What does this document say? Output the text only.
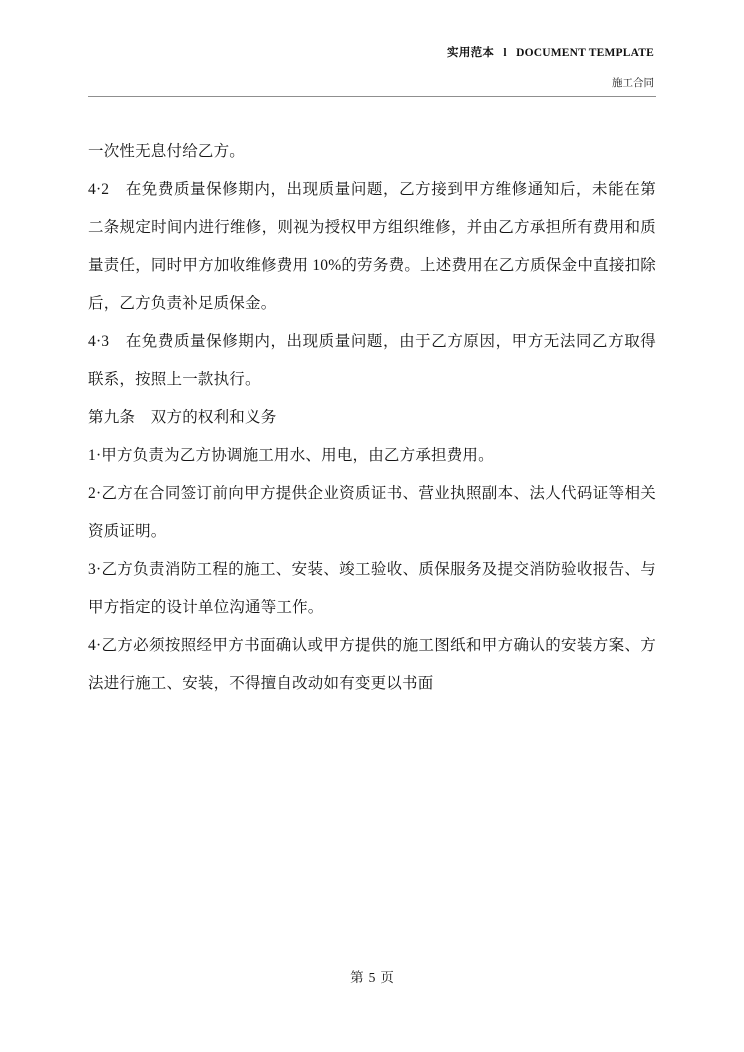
实用范本 l DOCUMENT TEMPLATE
施工合同

一次性无息付给乙方。

4·2　在免费质量保修期内，出现质量问题，乙方接到甲方维修通知后，未能在第二条规定时间内进行维修，则视为授权甲方组织维修，并由乙方承担所有费用和质量责任，同时甲方加收维修费用 10%的劳务费。上述费用在乙方质保金中直接扣除后，乙方负责补足质保金。

4·3　在免费质量保修期内，出现质量问题，由于乙方原因，甲方无法同乙方取得联系，按照上一款执行。

第九条　双方的权利和义务

1·甲方负责为乙方协调施工用水、用电，由乙方承担费用。

2·乙方在合同签订前向甲方提供企业资质证书、营业执照副本、法人代码证等相关资质证明。

3·乙方负责消防工程的施工、安装、竣工验收、质保服务及提交消防验收报告、与甲方指定的设计单位沟通等工作。

4·乙方必须按照经甲方书面确认或甲方提供的施工图纸和甲方确认的安装方案、方法进行施工、安装，不得擅自改动如有变更以书面

第 5 页
